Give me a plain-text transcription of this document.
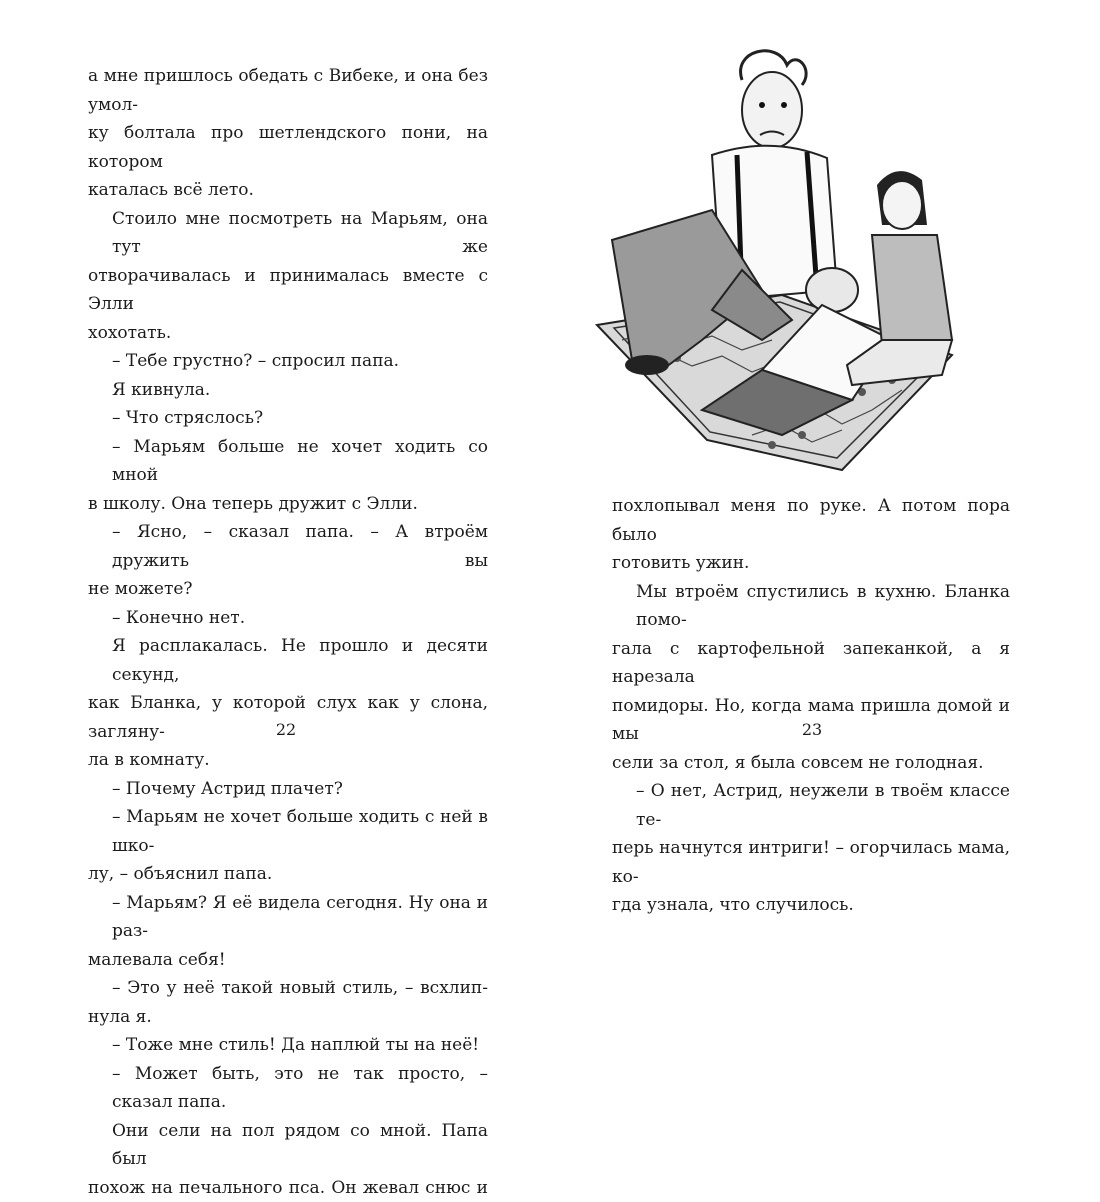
а мне пришлось обедать с Вибеке, и она без умол-
ку болтала про шетлендского пони, на котором
каталась всё лето.
Стоило мне посмотреть на Марьям, она тут же
отворачивалась и принималась вместе с Элли
хохотать.
– Тебе грустно? – спросил папа.
Я кивнула.
– Что стряслось?
– Марьям больше не хочет ходить со мной
в школу. Она теперь дружит с Элли.
– Ясно, – сказал папа. – А втроём дружить вы
не можете?
– Конечно нет.
Я расплакалась. Не прошло и десяти секунд,
как Бланка, у которой слух как у слона, загляну-
ла в комнату.
– Почему Астрид плачет?
– Марьям не хочет больше ходить с ней в шко-
лу, – объяснил папа.
– Марьям? Я её видела сегодня. Ну она и раз-
малевала себя!
– Это у неё такой новый стиль, – всхлип-
нула я.
– Тоже мне стиль! Да наплюй ты на неё!
– Может быть, это не так просто, – сказал папа.
Они сели на пол рядом со мной. Папа был
похож на печального пса. Он жевал снюс и
22
похлопывал меня по руке. А потом пора было
готовить ужин.
Мы втроём спустились в кухню. Бланка помо-
гала с картофельной запеканкой, а я нарезала
помидоры. Но, когда мама пришла домой и мы
сели за стол, я была совсем не голодная.
– О нет, Астрид, неужели в твоём классе те-
перь начнутся интриги! – огорчилась мама, ко-
гда узнала, что случилось.
23
